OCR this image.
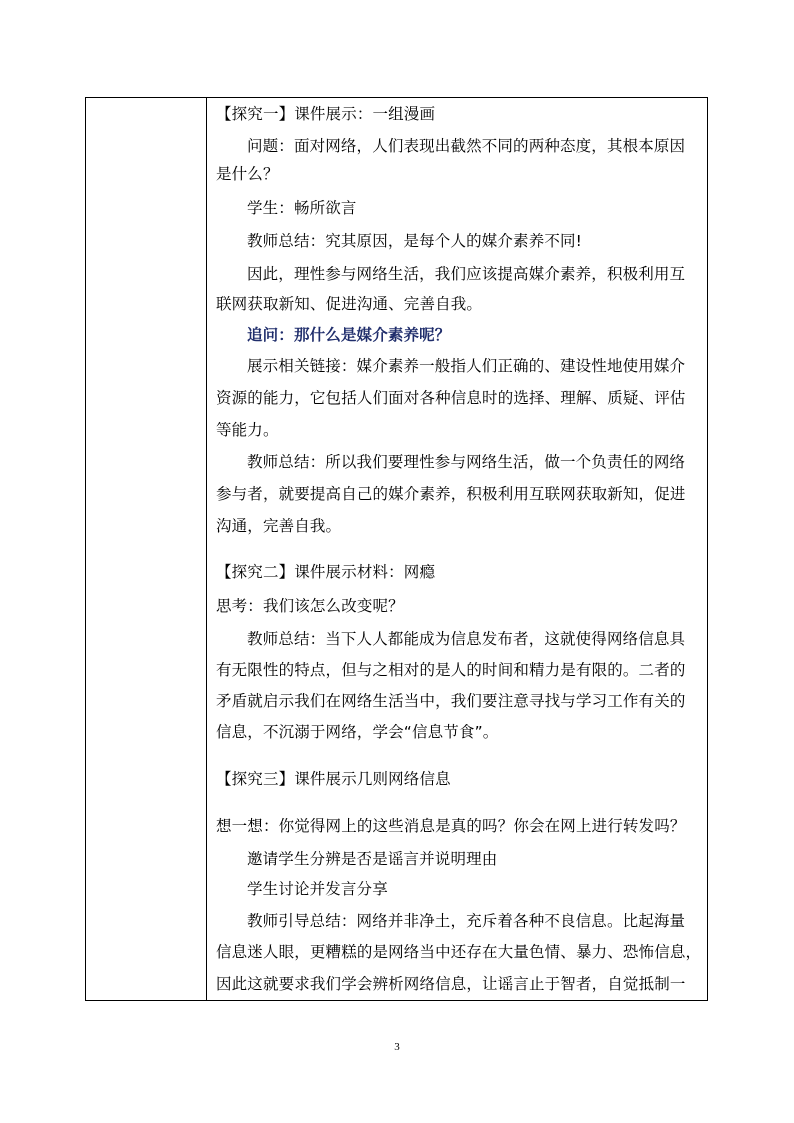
【探究一】课件展示：一组漫画
问题：面对网络，人们表现出截然不同的两种态度，其根本原因
是什么？
学生：畅所欲言
教师总结：究其原因，是每个人的媒介素养不同!
因此，理性参与网络生活，我们应该提高媒介素养，积极利用互
联网获取新知、促进沟通、完善自我。
追问：那什么是媒介素养呢？
展示相关链接：媒介素养一般指人们正确的、建设性地使用媒介
资源的能力，它包括人们面对各种信息时的选择、理解、质疑、评估
等能力。
教师总结：所以我们要理性参与网络生活，做一个负责任的网络
参与者，就要提高自己的媒介素养，积极利用互联网获取新知，促进
沟通，完善自我。
【探究二】课件展示材料：网瘾
思考：我们该怎么改变呢？
教师总结：当下人人都能成为信息发布者，这就使得网络信息具
有无限性的特点，但与之相对的是人的时间和精力是有限的。二者的
矛盾就启示我们在网络生活当中，我们要注意寻找与学习工作有关的
信息，不沉溺于网络，学会“信息节食”。
【探究三】课件展示几则网络信息
想一想：你觉得网上的这些消息是真的吗？你会在网上进行转发吗？
邀请学生分辨是否是谣言并说明理由
学生讨论并发言分享
教师引导总结：网络并非净土，充斥着各种不良信息。比起海量
信息迷人眼，更糟糕的是网络当中还存在大量色情、暴力、恐怖信息，
因此这就要求我们学会辨析网络信息，让谣言止于智者，自觉抵制一
3
